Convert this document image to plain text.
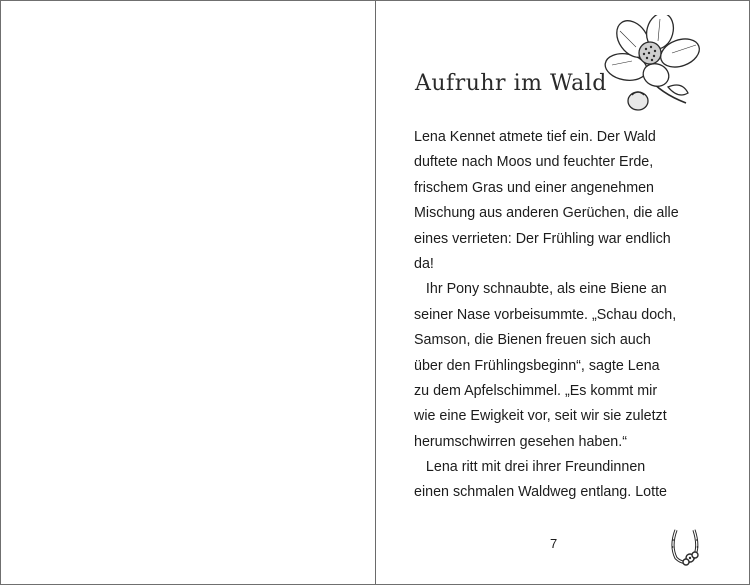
Aufruhr im Wald
Lena Kennet atmete tief ein. Der Wald
duftete nach Moos und feuchter Erde,
frischem Gras und einer angenehmen
Mischung aus anderen Gerüchen, die alle
eines verrieten: Der Frühling war endlich
da!
Ihr Pony schnaubte, als eine Biene an
seiner Nase vorbeisummte. „Schau doch,
Samson, die Bienen freuen sich auch
über den Frühlingsbeginn“, sagte Lena
zu dem Apfelschimmel. „Es kommt mir
wie eine Ewigkeit vor, seit wir sie zuletzt
herumschwirren gesehen haben.“
Lena ritt mit drei ihrer Freundinnen
einen schmalen Waldweg entlang. Lotte
7
